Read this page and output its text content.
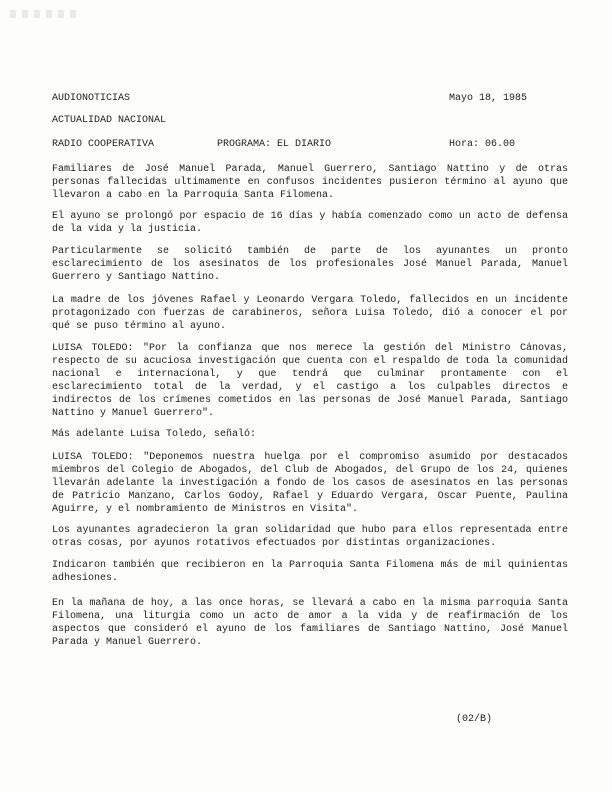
AUDIONOTICIAS	Mayo 18, 1985
ACTUALIDAD NACIONAL
RADIO COOPERATIVA	PROGRAMA: EL DIARIO	Hora: 06.00

Familiares de José Manuel Parada, Manuel Guerrero, Santiago Nattino y de otras personas fallecidas ultimamente en confusos incidentes pusieron término al ayuno que llevaron a cabo en la Parroquia Santa Filomena.

El ayuno se prolongó por espacio de 16 días y había comenzado como un acto de defensa de la vida y la justicia.

Particularmente se solicitó también de parte de los ayunantes un pronto esclarecimiento de los asesinatos de los profesionales José Manuel Parada, Manuel Guerrero y Santiago Nattino.

La madre de los jóvenes Rafael y Leonardo Vergara Toledo, fallecidos en un incidente protagonizado con fuerzas de carabineros, señora Luisa Toledo, dió a conocer el por qué se puso término al ayuno.

LUISA TOLEDO: "Por la confianza que nos merece la gestión del Ministro Cánovas, respecto de su acuciosa investigación que cuenta con el respaldo de toda la comunidad nacional e internacional, y que tendrá que culminar prontamente con el esclarecimiento total de la verdad, y el castigo a los culpables directos e indirectos de los crímenes cometidos en las personas de José Manuel Parada, Santiago Nattino y Manuel Guerrero".

Más adelante Luisa Toledo, señaló:

LUISA TOLEDO: "Deponemos nuestra huelga por el compromiso asumido por destacados miembros del Colegio de Abogados, del Club de Abogados, del Grupo de los 24, quienes llevarán adelante la investigación a fondo de los casos de asesinatos en las personas de Patricio Manzano, Carlos Godoy, Rafael y Eduardo Vergara, Oscar Puente, Paulina Aguirre, y el nombramiento de Ministros en Visita".

Los ayunantes agradecieron la gran solidaridad que hubo para ellos representada entre otras cosas, por ayunos rotativos efectuados por distintas organizaciones.

Indicaron también que recibieron en la Parroquia Santa Filomena más de mil quinientas adhesiones.

En la mañana de hoy, a las once horas, se llevará a cabo en la misma parroquia Santa Filomena, una liturgia como un acto de amor a la vida y de reafirmación de los aspectos que consideró el ayuno de los familiares de Santiago Nattino, José Manuel Parada y Manuel Guerrero.

(02/B)
